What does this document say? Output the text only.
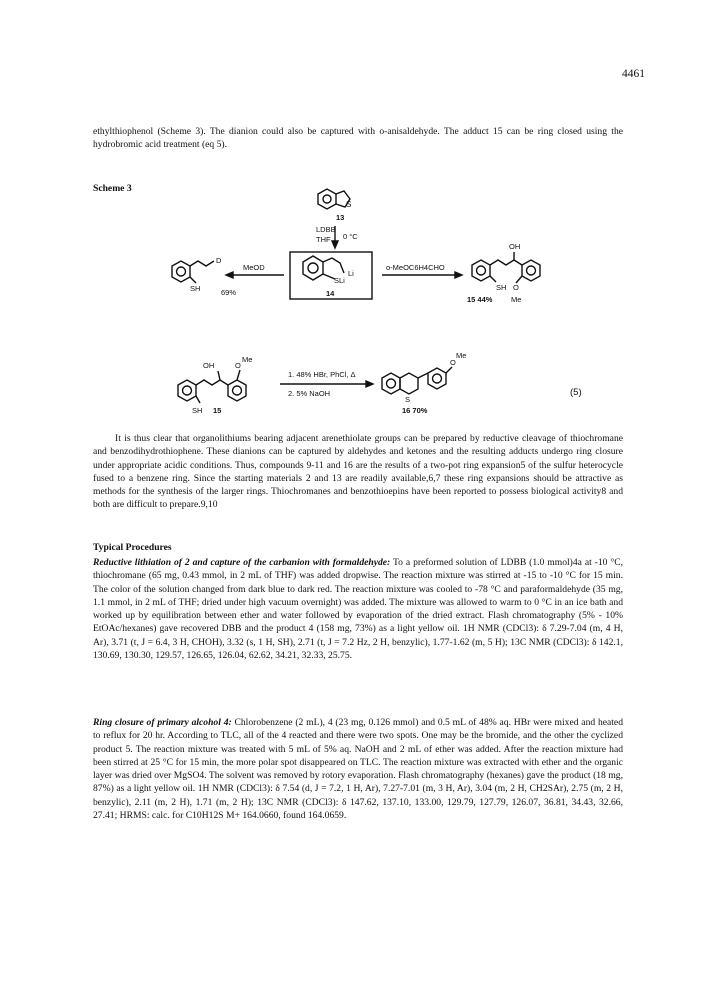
4461

ethylthiophenol (Scheme 3). The dianion could also be captured with o-anisaldehyde. The adduct 15 can be ring closed using the hydrobromic acid treatment (eq 5).

Scheme 3
S
13
LDBB
THF 0 °C
Li
SLi
14
MeOD
D
SH	69%
o-MeOC6H4CHO
OH
SH O
Me
15 44%
OH	O
Me
SH 15
1. 48% HBr, PhCl, Δ
2. 5% NaOH
S
O
Me
16 70%
(5)

It is thus clear that organolithiums bearing adjacent arenethiolate groups can be prepared by reductive cleavage of thiochromane and benzodihydrothiophene. These dianions can be captured by aldehydes and ketones and the resulting adducts undergo ring closure under appropriate acidic conditions. Thus, compounds 9-11 and 16 are the results of a two-pot ring expansion5 of the sulfur heterocycle fused to a benzene ring. Since the starting materials 2 and 13 are readily available,6,7 these ring expansions should be attractive as methods for the synthesis of the larger rings. Thiochromanes and benzothioepins have been reported to possess biological activity8 and both are difficult to prepare.9,10

Typical Procedures

Reductive lithiation of 2 and capture of the carbanion with formaldehyde: To a preformed solution of LDBB (1.0 mmol)4a at -10 °C, thiochromane (65 mg, 0.43 mmol, in 2 mL of THF) was added dropwise. The reaction mixture was stirred at -15 to -10 °C for 15 min. The color of the solution changed from dark blue to dark red. The reaction mixture was cooled to -78 °C and paraformaldehyde (35 mg, 1.1 mmol, in 2 mL of THF; dried under high vacuum overnight) was added. The mixture was allowed to warm to 0 °C in an ice bath and worked up by equilibration between ether and water followed by evaporation of the dried extract. Flash chromatography (5% - 10% EtOAc/hexanes) gave recovered DBB and the product 4 (158 mg, 73%) as a light yellow oil. 1H NMR (CDCl3): δ 7.29-7.04 (m, 4 H, Ar), 3.71 (t, J = 6.4, 3 H, CHOH), 3.32 (s, 1 H, SH), 2.71 (t, J = 7.2 Hz, 2 H, benzylic), 1.77-1.62 (m, 5 H); 13C NMR (CDCl3): δ 142.1, 130.69, 130.30, 129.57, 126.65, 126.04, 62.62, 34.21, 32.33, 25.75.

Ring closure of primary alcohol 4: Chlorobenzene (2 mL), 4 (23 mg, 0.126 mmol) and 0.5 mL of 48% aq. HBr were mixed and heated to reflux for 20 hr. According to TLC, all of the 4 reacted and there were two spots. One may be the bromide, and the other the cyclized product 5. The reaction mixture was treated with 5 mL of 5% aq. NaOH and 2 mL of ether was added. After the reaction mixture had been stirred at 25 °C for 15 min, the more polar spot disappeared on TLC. The reaction mixture was extracted with ether and the organic layer was dried over MgSO4. The solvent was removed by rotory evaporation. Flash chromatography (hexanes) gave the product (18 mg, 87%) as a light yellow oil. 1H NMR (CDCl3): δ 7.54 (d, J = 7.2, 1 H, Ar), 7.27-7.01 (m, 3 H, Ar), 3.04 (m, 2 H, CH2SAr), 2.75 (m, 2 H, benzylic), 2.11 (m, 2 H), 1.71 (m, 2 H); 13C NMR (CDCl3): δ 147.62, 137.10, 133.00, 129.79, 127.79, 126.07, 36.81, 34.43, 32.66, 27.41; HRMS: calc. for C10H12S M+ 164.0660, found 164.0659.
